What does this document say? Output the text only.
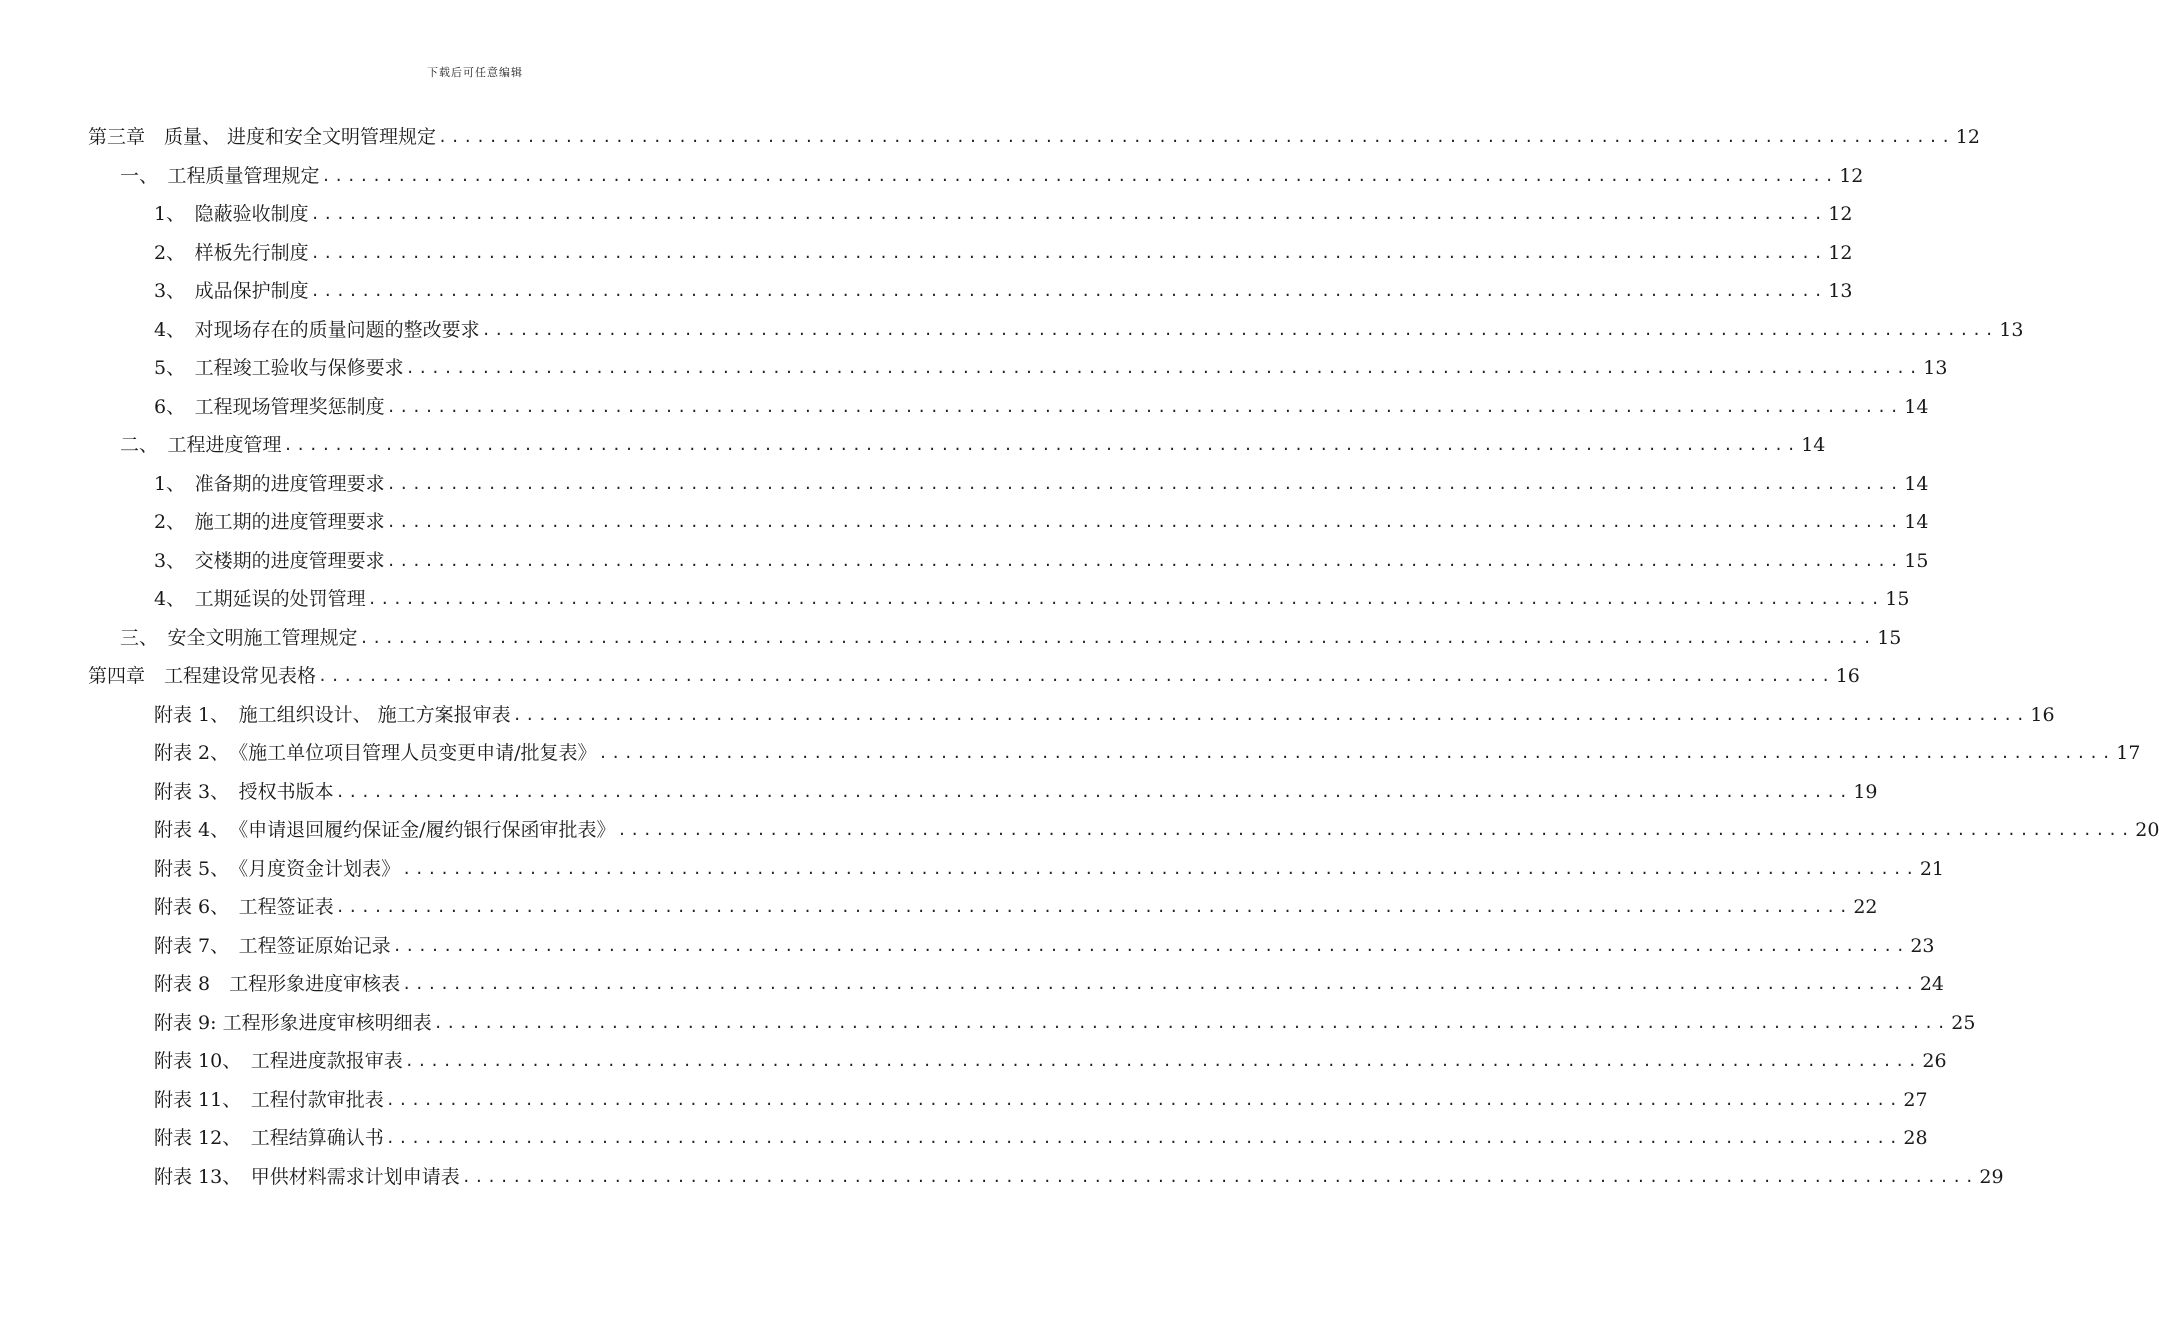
下载后可任意编辑
第三章　质量、 进度和安全文明管理规定 ........................................................................................................................ 12
一、　工程质量管理规定 ........................................................................................................................ 12
1、　隐蔽验收制度 ........................................................................................................................ 12
2、　样板先行制度 ........................................................................................................................ 12
3、　成品保护制度 ........................................................................................................................ 13
4、　对现场存在的质量问题的整改要求 ........................................................................................................................ 13
5、　工程竣工验收与保修要求 ........................................................................................................................ 13
6、　工程现场管理奖惩制度 ........................................................................................................................ 14
二、　工程进度管理 ........................................................................................................................ 14
1、　准备期的进度管理要求 ........................................................................................................................ 14
2、　施工期的进度管理要求 ........................................................................................................................ 14
3、　交楼期的进度管理要求 ........................................................................................................................ 15
4、　工期延误的处罚管理 ........................................................................................................................ 15
三、　安全文明施工管理规定 ........................................................................................................................ 15
第四章　工程建设常见表格 ........................................................................................................................ 16
附表 1、　施工组织设计、 施工方案报审表 ........................................................................................................................ 16
附表 2、　《施工单位项目管理人员变更申请/批复表》 ........................................................................................................................ 17
附表 3、　授权书版本 ........................................................................................................................ 19
附表 4、　《申请退回履约保证金/履约银行保函审批表》 ........................................................................................................................ 20
附表 5、　《月度资金计划表》 ........................................................................................................................ 21
附表 6、　工程签证表 ........................................................................................................................ 22
附表 7、　工程签证原始记录 ........................................................................................................................ 23
附表 8　工程形象进度审核表 ........................................................................................................................ 24
附表 9: 工程形象进度审核明细表 ........................................................................................................................ 25
附表 10、　工程进度款报审表 ........................................................................................................................ 26
附表 11、　工程付款审批表 ........................................................................................................................ 27
附表 12、　工程结算确认书 ........................................................................................................................ 28
附表 13、　甲供材料需求计划申请表 ........................................................................................................................ 29
